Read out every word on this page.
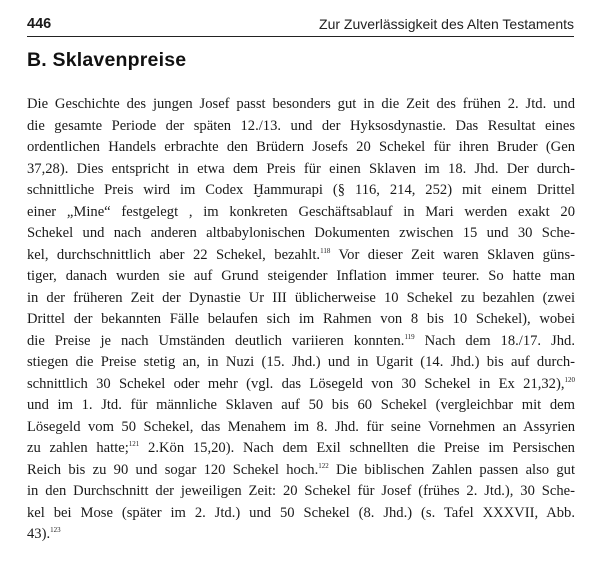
446	Zur Zuverlässigkeit des Alten Testaments
B. Sklavenpreise
Die Geschichte des jungen Josef passt besonders gut in die Zeit des frühen 2. Jtd. und
die gesamte Periode der späten 12./13. und der Hyksosdynastie. Das Resultat eines
ordentlichen Handels erbrachte den Brüdern Josefs 20 Schekel für ihren Bruder (Gen
37,28). Dies entspricht in etwa dem Preis für einen Sklaven im 18. Jhd. Der durch-
schnittliche Preis wird im Codex Ḫammurapi (§ 116, 214, 252) mit einem Drittel
einer „Mine“ festgelegt , im konkreten Geschäftsablauf in Mari werden exakt 20
Schekel und nach anderen altbabylonischen Dokumenten zwischen 15 und 30 Sche-
kel, durchschnittlich aber 22 Schekel, bezahlt.$^{118}$ Vor dieser Zeit waren Sklaven güns-
tiger, danach wurden sie auf Grund steigender Inflation immer teurer. So hatte man
in der früheren Zeit der Dynastie Ur III üblicherweise 10 Schekel zu bezahlen (zwei
Drittel der bekannten Fälle belaufen sich im Rahmen von 8 bis 10 Schekel), wobei
die Preise je nach Umständen deutlich variieren konnten.$^{119}$ Nach dem 18./17. Jhd.
stiegen die Preise stetig an, in Nuzi (15. Jhd.) und in Ugarit (14. Jhd.) bis auf durch-
schnittlich 30 Schekel oder mehr (vgl. das Lösegeld von 30 Schekel in Ex 21,32),$^{120}$
und im 1. Jtd. für männliche Sklaven auf 50 bis 60 Schekel (vergleichbar mit dem
Lösegeld vom 50 Schekel, das Menahem im 8. Jhd. für seine Vornehmen an Assyrien
zu zahlen hatte;$^{121}$ 2.Kön 15,20). Nach dem Exil schnellten die Preise im Persischen
Reich bis zu 90 und sogar 120 Schekel hoch.$^{122}$ Die biblischen Zahlen passen also gut
in den Durchschnitt der jeweiligen Zeit: 20 Schekel für Josef (frühes 2. Jtd.), 30 Sche-
kel bei Mose (später im 2. Jtd.) und 50 Schekel (8. Jhd.) (s. Tafel XXXVII, Abb.
43).$^{123}$
